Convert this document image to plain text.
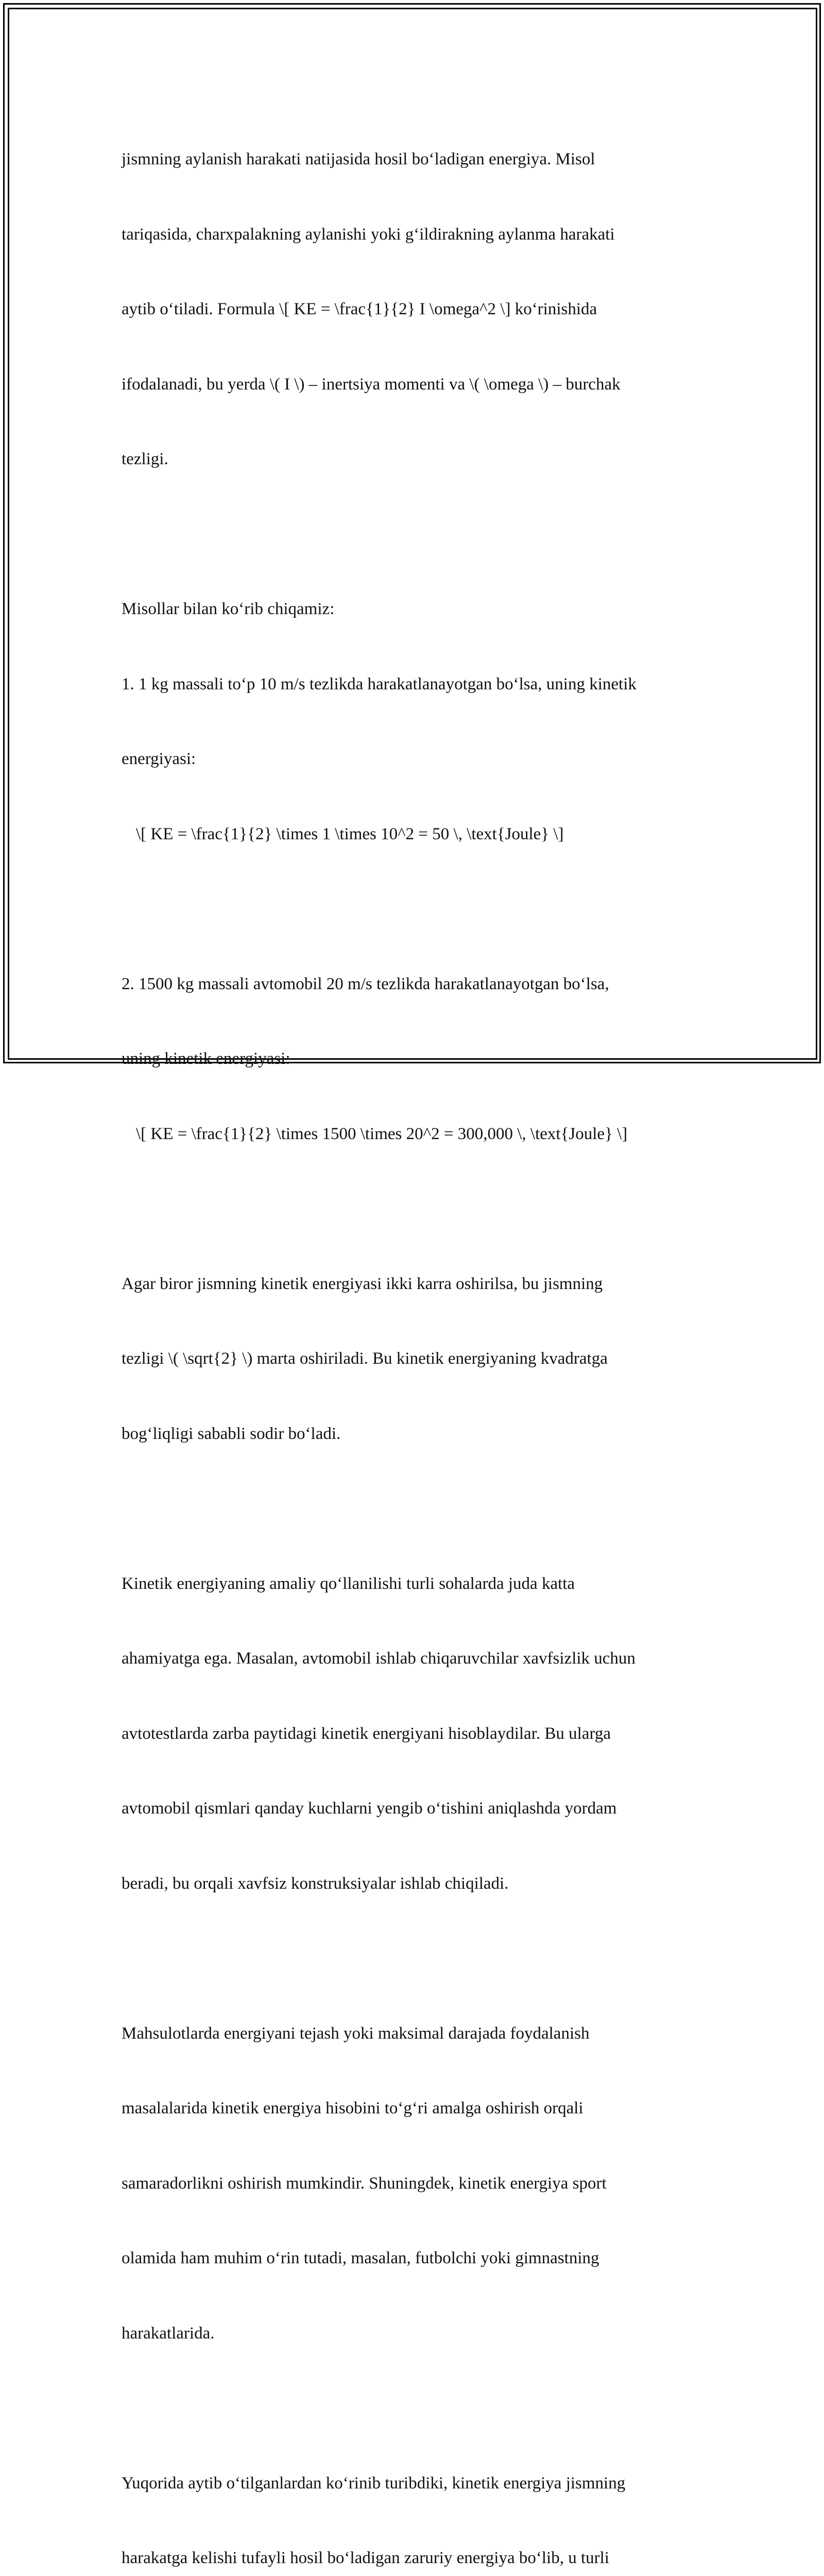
jismning aylanish harakati natijasida hosil bo‘ladigan energiya. Misol

tariqasida, charxpalakning aylanishi yoki g‘ildirakning aylanma harakati

aytib o‘tiladi. Formula \[ KE = \frac{1}{2} I \omega^2 \] ko‘rinishida

ifodalanadi, bu yerda \( I \) – inertsiya momenti va \( \omega \) – burchak

tezligi.

Misollar bilan ko‘rib chiqamiz:

1. 1 kg massali to‘p 10 m/s tezlikda harakatlanayotgan bo‘lsa, uning kinetik

energiyasi:

\[ KE = \frac{1}{2} \times 1 \times 10^2 = 50 \, \text{Joule} \]

2. 1500 kg massali avtomobil 20 m/s tezlikda harakatlanayotgan bo‘lsa,

uning kinetik energiyasi:

\[ KE = \frac{1}{2} \times 1500 \times 20^2 = 300,000 \, \text{Joule} \]

Agar biror jismning kinetik energiyasi ikki karra oshirilsa, bu jismning

tezligi \( \sqrt{2} \) marta oshiriladi. Bu kinetik energiyaning kvadratga

bog‘liqligi sababli sodir bo‘ladi.

Kinetik energiyaning amaliy qo‘llanilishi turli sohalarda juda katta

ahamiyatga ega. Masalan, avtomobil ishlab chiqaruvchilar xavfsizlik uchun

avtotestlarda zarba paytidagi kinetik energiyani hisoblaydilar. Bu ularga

avtomobil qismlari qanday kuchlarni yengib o‘tishini aniqlashda yordam

beradi, bu orqali xavfsiz konstruksiyalar ishlab chiqiladi.

Mahsulotlarda energiyani tejash yoki maksimal darajada foydalanish

masalalarida kinetik energiya hisobini to‘g‘ri amalga oshirish orqali

samaradorlikni oshirish mumkindir. Shuningdek, kinetik energiya sport

olamida ham muhim o‘rin tutadi, masalan, futbolchi yoki gimnastning

harakatlarida.

Yuqorida aytib o‘tilganlardan ko‘rinib turibdiki, kinetik energiya jismning

harakatga kelishi tufayli hosil bo‘ladigan zaruriy energiya bo‘lib, u turli
